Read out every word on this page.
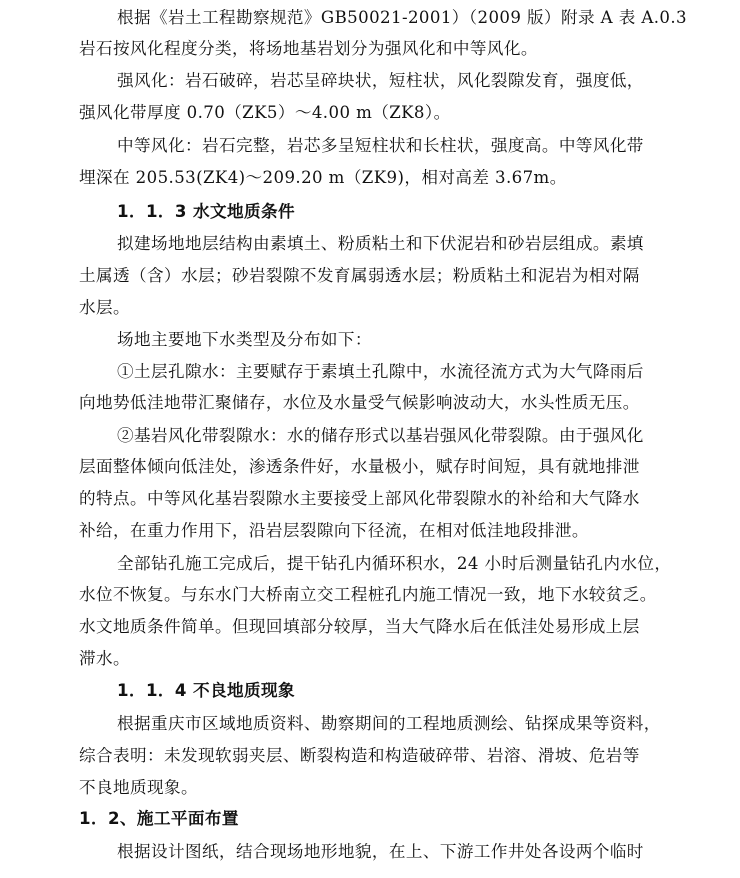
根据《岩土工程勘察规范》GB50021-2001）（2009 版）附录 A 表 A.0.3
岩石按风化程度分类，将场地基岩划分为强风化和中等风化。
强风化：岩石破碎，岩芯呈碎块状，短柱状，风化裂隙发育，强度低，
强风化带厚度 0.70（ZK5）～4.00 m（ZK8）。
中等风化：岩石完整，岩芯多呈短柱状和长柱状，强度高。中等风化带
埋深在 205.53(ZK4)～209.20 m（ZK9)，相对高差 3.67m。
1．1．3 水文地质条件
拟建场地地层结构由素填土、粉质粘土和下伏泥岩和砂岩层组成。素填
土属透（含）水层；砂岩裂隙不发育属弱透水层；粉质粘土和泥岩为相对隔
水层。
场地主要地下水类型及分布如下：
①土层孔隙水：主要赋存于素填土孔隙中，水流径流方式为大气降雨后
向地势低洼地带汇聚储存，水位及水量受气候影响波动大，水头性质无压。
②基岩风化带裂隙水：水的储存形式以基岩强风化带裂隙。由于强风化
层面整体倾向低洼处，渗透条件好，水量极小，赋存时间短，具有就地排泄
的特点。中等风化基岩裂隙水主要接受上部风化带裂隙水的补给和大气降水
补给，在重力作用下，沿岩层裂隙向下径流，在相对低洼地段排泄。
全部钻孔施工完成后，提干钻孔内循环积水，24 小时后测量钻孔内水位，
水位不恢复。与东水门大桥南立交工程桩孔内施工情况一致，地下水较贫乏。
水文地质条件简单。但现回填部分较厚，当大气降水后在低洼处易形成上层
滞水。
1．1．4 不良地质现象
根据重庆市区域地质资料、勘察期间的工程地质测绘、钻探成果等资料，
综合表明：未发现软弱夹层、断裂构造和构造破碎带、岩溶、滑坡、危岩等
不良地质现象。
1．2、施工平面布置
根据设计图纸，结合现场地形地貌，在上、下游工作井处各设两个临时
